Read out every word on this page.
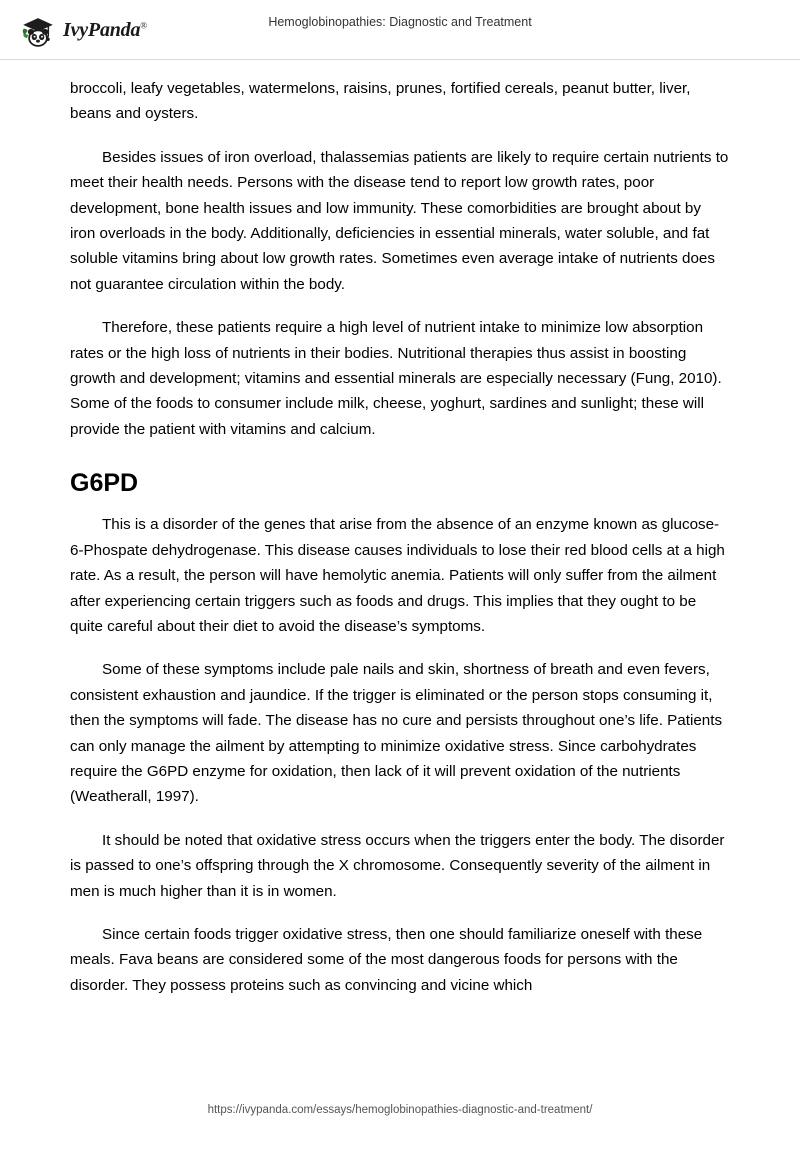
IvyPanda®	Hemoglobinopathies: Diagnostic and Treatment

broccoli, leafy vegetables, watermelons, raisins, prunes, fortified cereals, peanut butter, liver, beans and oysters.

Besides issues of iron overload, thalassemias patients are likely to require certain nutrients to meet their health needs. Persons with the disease tend to report low growth rates, poor development, bone health issues and low immunity. These comorbidities are brought about by iron overloads in the body. Additionally, deficiencies in essential minerals, water soluble, and fat soluble vitamins bring about low growth rates. Sometimes even average intake of nutrients does not guarantee circulation within the body.

Therefore, these patients require a high level of nutrient intake to minimize low absorption rates or the high loss of nutrients in their bodies. Nutritional therapies thus assist in boosting growth and development; vitamins and essential minerals are especially necessary (Fung, 2010). Some of the foods to consumer include milk, cheese, yoghurt, sardines and sunlight; these will provide the patient with vitamins and calcium.

G6PD

This is a disorder of the genes that arise from the absence of an enzyme known as glucose-6-Phospate dehydrogenase. This disease causes individuals to lose their red blood cells at a high rate. As a result, the person will have hemolytic anemia. Patients will only suffer from the ailment after experiencing certain triggers such as foods and drugs. This implies that they ought to be quite careful about their diet to avoid the disease’s symptoms.

Some of these symptoms include pale nails and skin, shortness of breath and even fevers, consistent exhaustion and jaundice. If the trigger is eliminated or the person stops consuming it, then the symptoms will fade. The disease has no cure and persists throughout one’s life. Patients can only manage the ailment by attempting to minimize oxidative stress. Since carbohydrates require the G6PD enzyme for oxidation, then lack of it will prevent oxidation of the nutrients (Weatherall, 1997).

It should be noted that oxidative stress occurs when the triggers enter the body. The disorder is passed to one’s offspring through the X chromosome. Consequently severity of the ailment in men is much higher than it is in women.

Since certain foods trigger oxidative stress, then one should familiarize oneself with these meals. Fava beans are considered some of the most dangerous foods for persons with the disorder. They possess proteins such as convincing and vicine which

https://ivypanda.com/essays/hemoglobinopathies-diagnostic-and-treatment/
